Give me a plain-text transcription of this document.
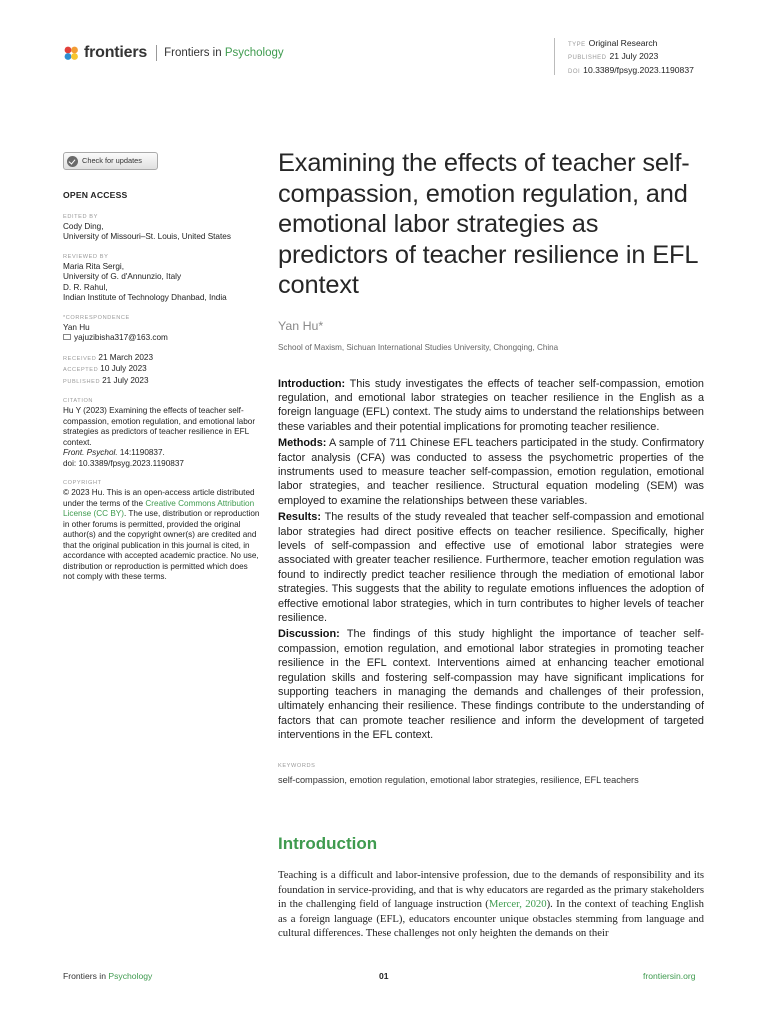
frontiers Frontiers in Psychology
TYPE Original Research
PUBLISHED 21 July 2023
DOI 10.3389/fpsyg.2023.1190837
Check for updates
OPEN ACCESS
EDITED BY
Cody Ding,
University of Missouri–St. Louis, United States
REVIEWED BY
Maria Rita Sergi,
University of G. d'Annunzio, Italy
D. R. Rahul,
Indian Institute of Technology Dhanbad, India
*CORRESPONDENCE
Yan Hu
yajuzibisha317@163.com
RECEIVED 21 March 2023
ACCEPTED 10 July 2023
PUBLISHED 21 July 2023
CITATION
Hu Y (2023) Examining the effects of teacher self-compassion, emotion regulation, and emotional labor strategies as predictors of teacher resilience in EFL context.
Front. Psychol. 14:1190837.
doi: 10.3389/fpsyg.2023.1190837
COPYRIGHT
© 2023 Hu. This is an open-access article distributed under the terms of the Creative Commons Attribution License (CC BY). The use, distribution or reproduction in other forums is permitted, provided the original author(s) and the copyright owner(s) are credited and that the original publication in this journal is cited, in accordance with accepted academic practice. No use, distribution or reproduction is permitted which does not comply with these terms.
Examining the effects of teacher self-compassion, emotion regulation, and emotional labor strategies as predictors of teacher resilience in EFL context
Yan Hu*
School of Maxism, Sichuan International Studies University, Chongqing, China

Introduction: This study investigates the effects of teacher self-compassion, emotion regulation, and emotional labor strategies on teacher resilience in the English as a foreign language (EFL) context. The study aims to understand the relationships between these variables and their potential implications for promoting teacher resilience.

Methods: A sample of 711 Chinese EFL teachers participated in the study. Confirmatory factor analysis (CFA) was conducted to assess the psychometric properties of the instruments used to measure teacher self-compassion, emotion regulation, emotional labor strategies, and teacher resilience. Structural equation modeling (SEM) was employed to examine the relationships between these variables.

Results: The results of the study revealed that teacher self-compassion and emotional labor strategies had direct positive effects on teacher resilience. Specifically, higher levels of self-compassion and effective use of emotional labor strategies were associated with greater teacher resilience. Furthermore, teacher emotion regulation was found to indirectly predict teacher resilience through the mediation of emotional labor strategies. This suggests that the ability to regulate emotions influences the adoption of effective emotional labor strategies, which in turn contributes to higher levels of teacher resilience.

Discussion: The findings of this study highlight the importance of teacher self-compassion, emotion regulation, and emotional labor strategies in promoting teacher resilience in the EFL context. Interventions aimed at enhancing teacher emotional regulation skills and fostering self-compassion may have significant implications for supporting teachers in managing the demands and challenges of their profession, ultimately enhancing their resilience. These findings contribute to the understanding of factors that can promote teacher resilience and inform the development of targeted interventions in the EFL context.

KEYWORDS
self-compassion, emotion regulation, emotional labor strategies, resilience, EFL teachers
Introduction
Teaching is a difficult and labor-intensive profession, due to the demands of responsibility and its foundation in service-providing, and that is why educators are regarded as the primary stakeholders in the challenging field of language instruction (Mercer, 2020). In the context of teaching English as a foreign language (EFL), educators encounter unique obstacles stemming from language and cultural differences. These challenges not only heighten the demands on their
Frontiers in Psychology	01	frontiersin.org
